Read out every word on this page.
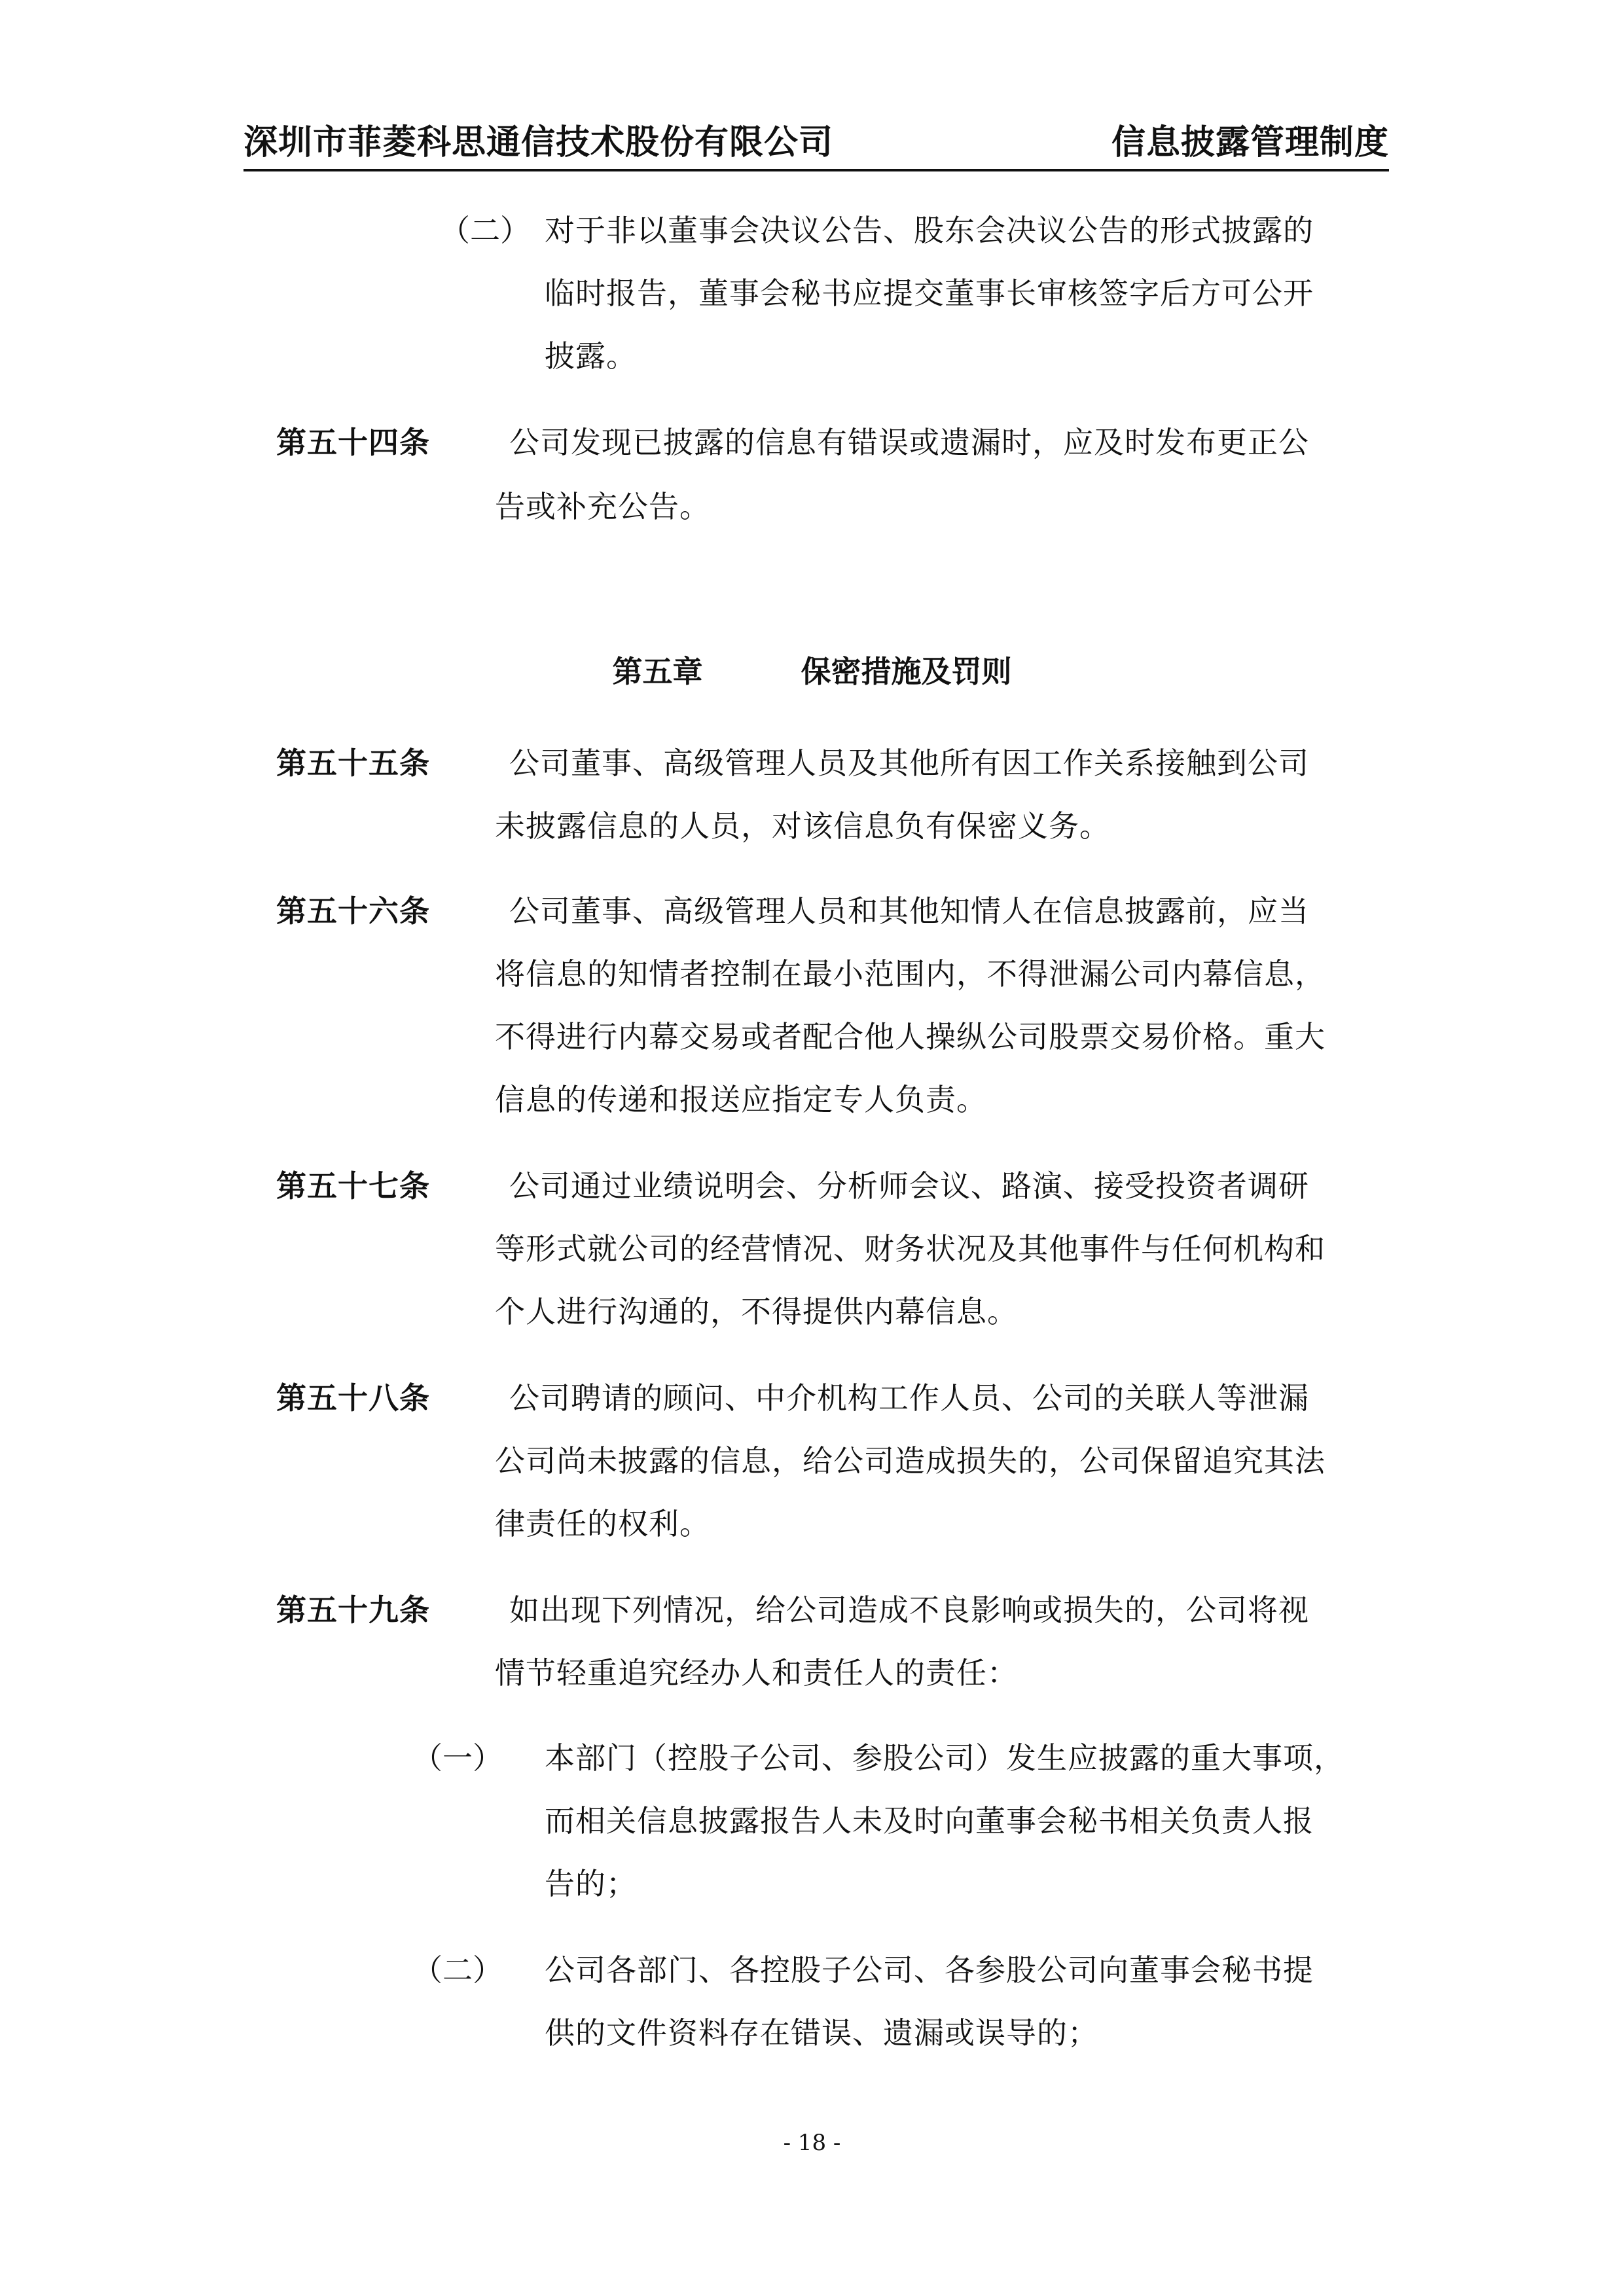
深圳市菲菱科思通信技术股份有限公司	信息披露管理制度
（二） 对于非以董事会决议公告、股东会决议公告的形式披露的
临时报告，董事会秘书应提交董事长审核签字后方可公开
披露。
第五十四条	公司发现已披露的信息有错误或遗漏时，应及时发布更正公
告或补充公告。
第五章	保密措施及罚则
第五十五条	公司董事、高级管理人员及其他所有因工作关系接触到公司
未披露信息的人员，对该信息负有保密义务。
第五十六条	公司董事、高级管理人员和其他知情人在信息披露前，应当
将信息的知情者控制在最小范围内，不得泄漏公司内幕信息，
不得进行内幕交易或者配合他人操纵公司股票交易价格。重大
信息的传递和报送应指定专人负责。
第五十七条	公司通过业绩说明会、分析师会议、路演、接受投资者调研
等形式就公司的经营情况、财务状况及其他事件与任何机构和
个人进行沟通的，不得提供内幕信息。
第五十八条	公司聘请的顾问、中介机构工作人员、公司的关联人等泄漏
公司尚未披露的信息，给公司造成损失的，公司保留追究其法
律责任的权利。
第五十九条	如出现下列情况，给公司造成不良影响或损失的，公司将视
情节轻重追究经办人和责任人的责任：
（一） 本部门（控股子公司、参股公司）发生应披露的重大事项，
而相关信息披露报告人未及时向董事会秘书相关负责人报
告的；
（二） 公司各部门、各控股子公司、各参股公司向董事会秘书提
供的文件资料存在错误、遗漏或误导的；
- 18 -
